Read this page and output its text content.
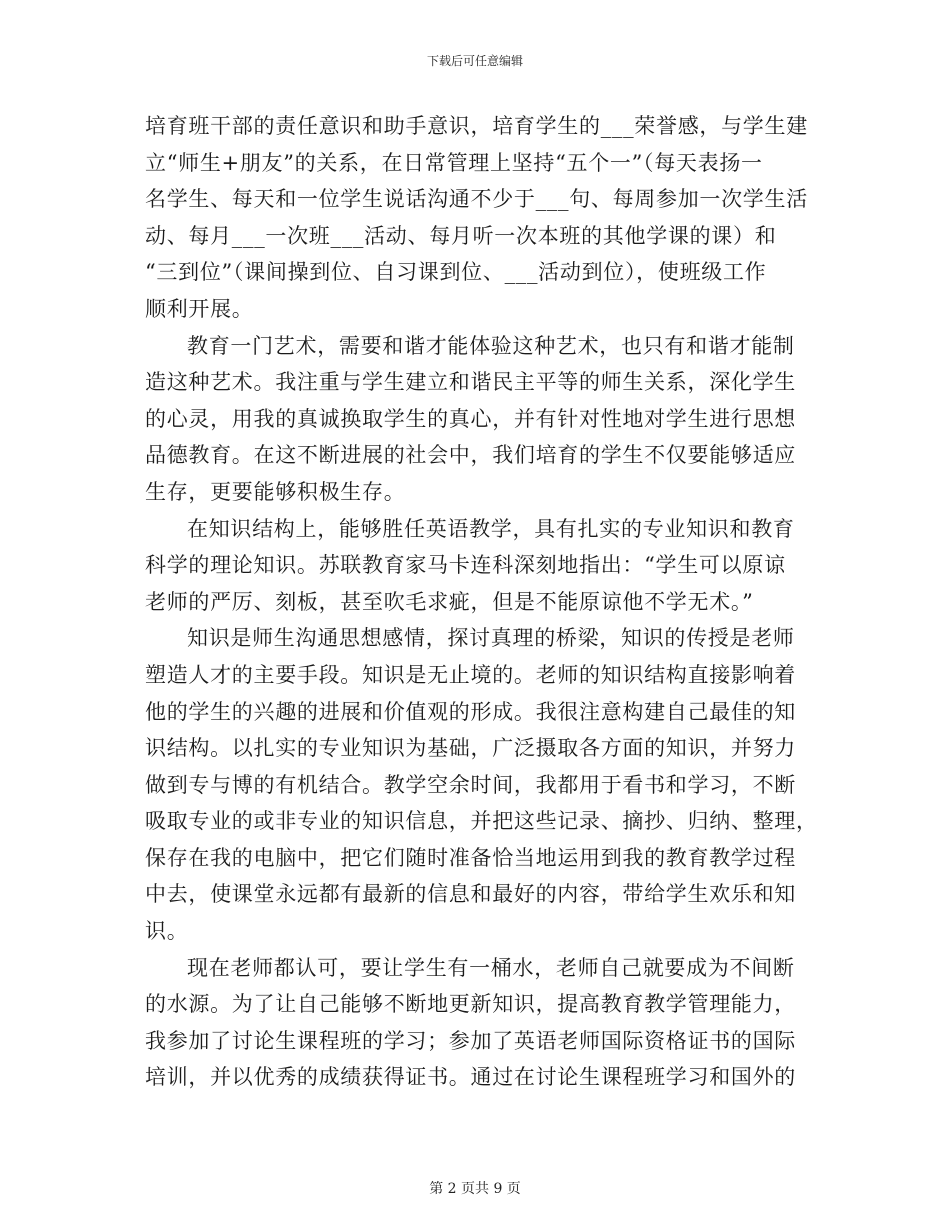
下载后可任意编辑
培育班干部的责任意识和助手意识，培育学生的___荣誉感，与学生建
立“师生+朋友”的关系，在日常管理上坚持“五个一”（每天表扬一
名学生、每天和一位学生说话沟通不少于___句、每周参加一次学生活
动、每月___一次班___活动、每月听一次本班的其他学课的课）和
“三到位”（课间操到位、自习课到位、___活动到位），使班级工作
顺利开展。
教育一门艺术，需要和谐才能体验这种艺术，也只有和谐才能制
造这种艺术。我注重与学生建立和谐民主平等的师生关系，深化学生
的心灵，用我的真诚换取学生的真心，并有针对性地对学生进行思想
品德教育。在这不断进展的社会中，我们培育的学生不仅要能够适应
生存，更要能够积极生存。
在知识结构上，能够胜任英语教学，具有扎实的专业知识和教育
科学的理论知识。苏联教育家马卡连科深刻地指出：“学生可以原谅
老师的严厉、刻板，甚至吹毛求疵，但是不能原谅他不学无术。”
知识是师生沟通思想感情，探讨真理的桥梁，知识的传授是老师
塑造人才的主要手段。知识是无止境的。老师的知识结构直接影响着
他的学生的兴趣的进展和价值观的形成。我很注意构建自己最佳的知
识结构。以扎实的专业知识为基础，广泛摄取各方面的知识，并努力
做到专与博的有机结合。教学空余时间，我都用于看书和学习，不断
吸取专业的或非专业的知识信息，并把这些记录、摘抄、归纳、整理，
保存在我的电脑中，把它们随时准备恰当地运用到我的教育教学过程
中去，使课堂永远都有最新的信息和最好的内容，带给学生欢乐和知
识。
现在老师都认可，要让学生有一桶水，老师自己就要成为不间断
的水源。为了让自己能够不断地更新知识，提高教育教学管理能力，
我参加了讨论生课程班的学习；参加了英语老师国际资格证书的国际
培训，并以优秀的成绩获得证书。通过在讨论生课程班学习和国外的
第 2 页共 9 页
